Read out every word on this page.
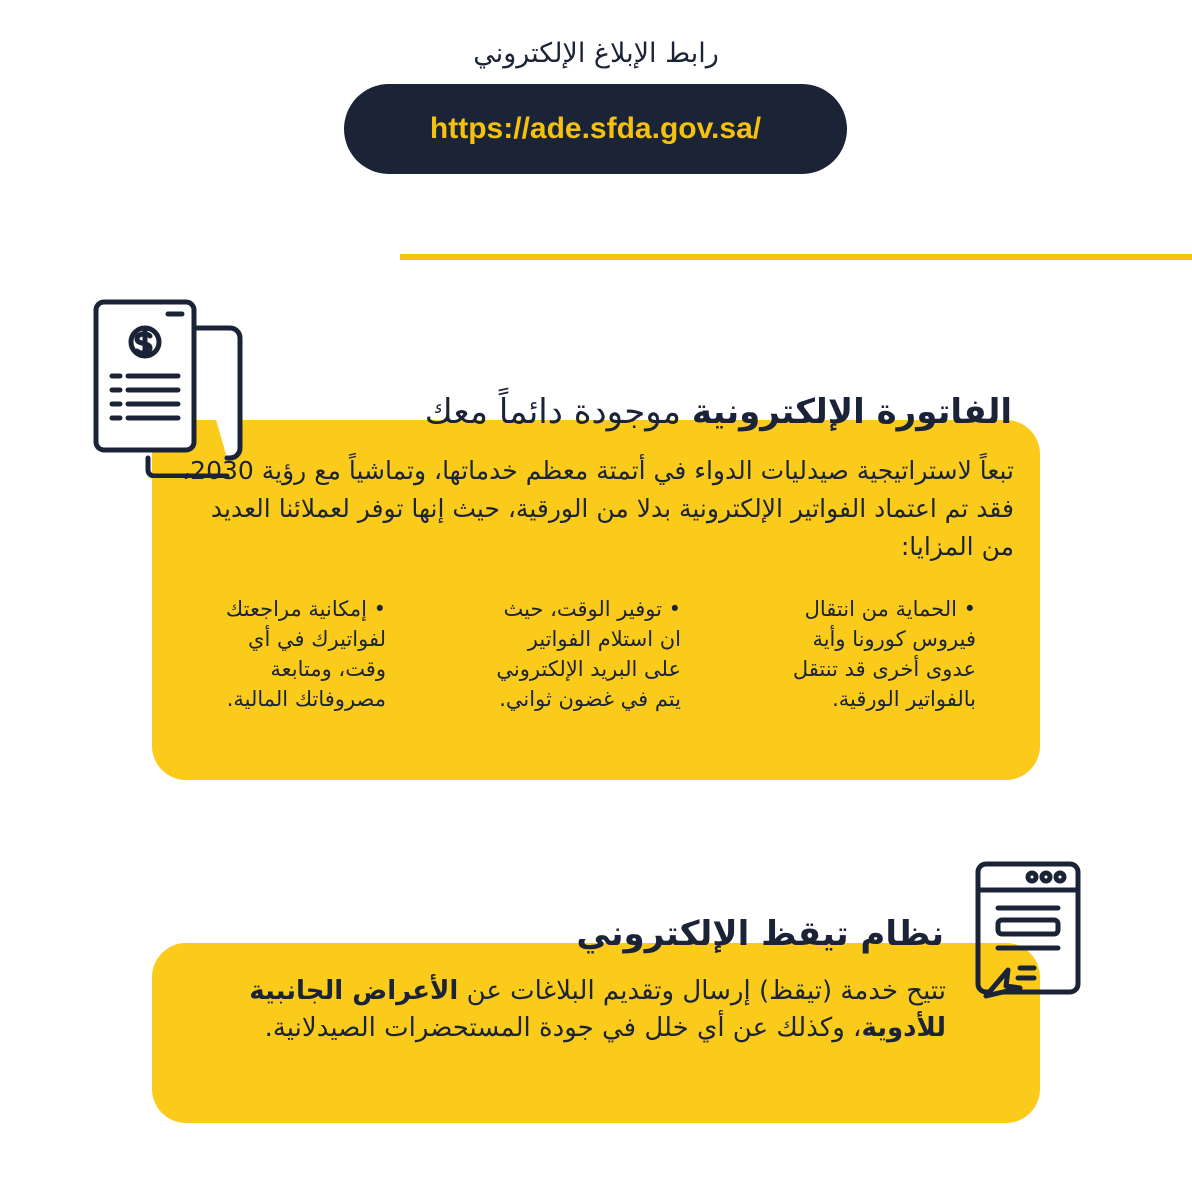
رابط الإبلاغ الإلكتروني
https://ade.sfda.gov.sa/
الفاتورة الإلكترونية موجودة دائماً معك
تبعاً لاستراتيجية صيدليات الدواء في أتمتة معظم خدماتها، وتماشياً مع رؤية 2030، فقد تم اعتماد الفواتير الإلكترونية بدلا من الورقية، حيث إنها توفر لعملائنا العديد من المزايا:
• الحماية من انتقال فيروس كورونا وأية عدوى أخرى قد تنتقل بالفواتير الورقية.
• توفير الوقت، حيث ان استلام الفواتير على البريد الإلكتروني يتم في غضون ثواني.
• إمكانية مراجعتك لفواتيرك في أي وقت، ومتابعة مصروفاتك المالية.
نظام تيقظ الإلكتروني
تتيح خدمة (تيقظ) إرسال وتقديم البلاغات عن الأعراض الجانبية للأدوية، وكذلك عن أي خلل في جودة المستحضرات الصيدلانية.
